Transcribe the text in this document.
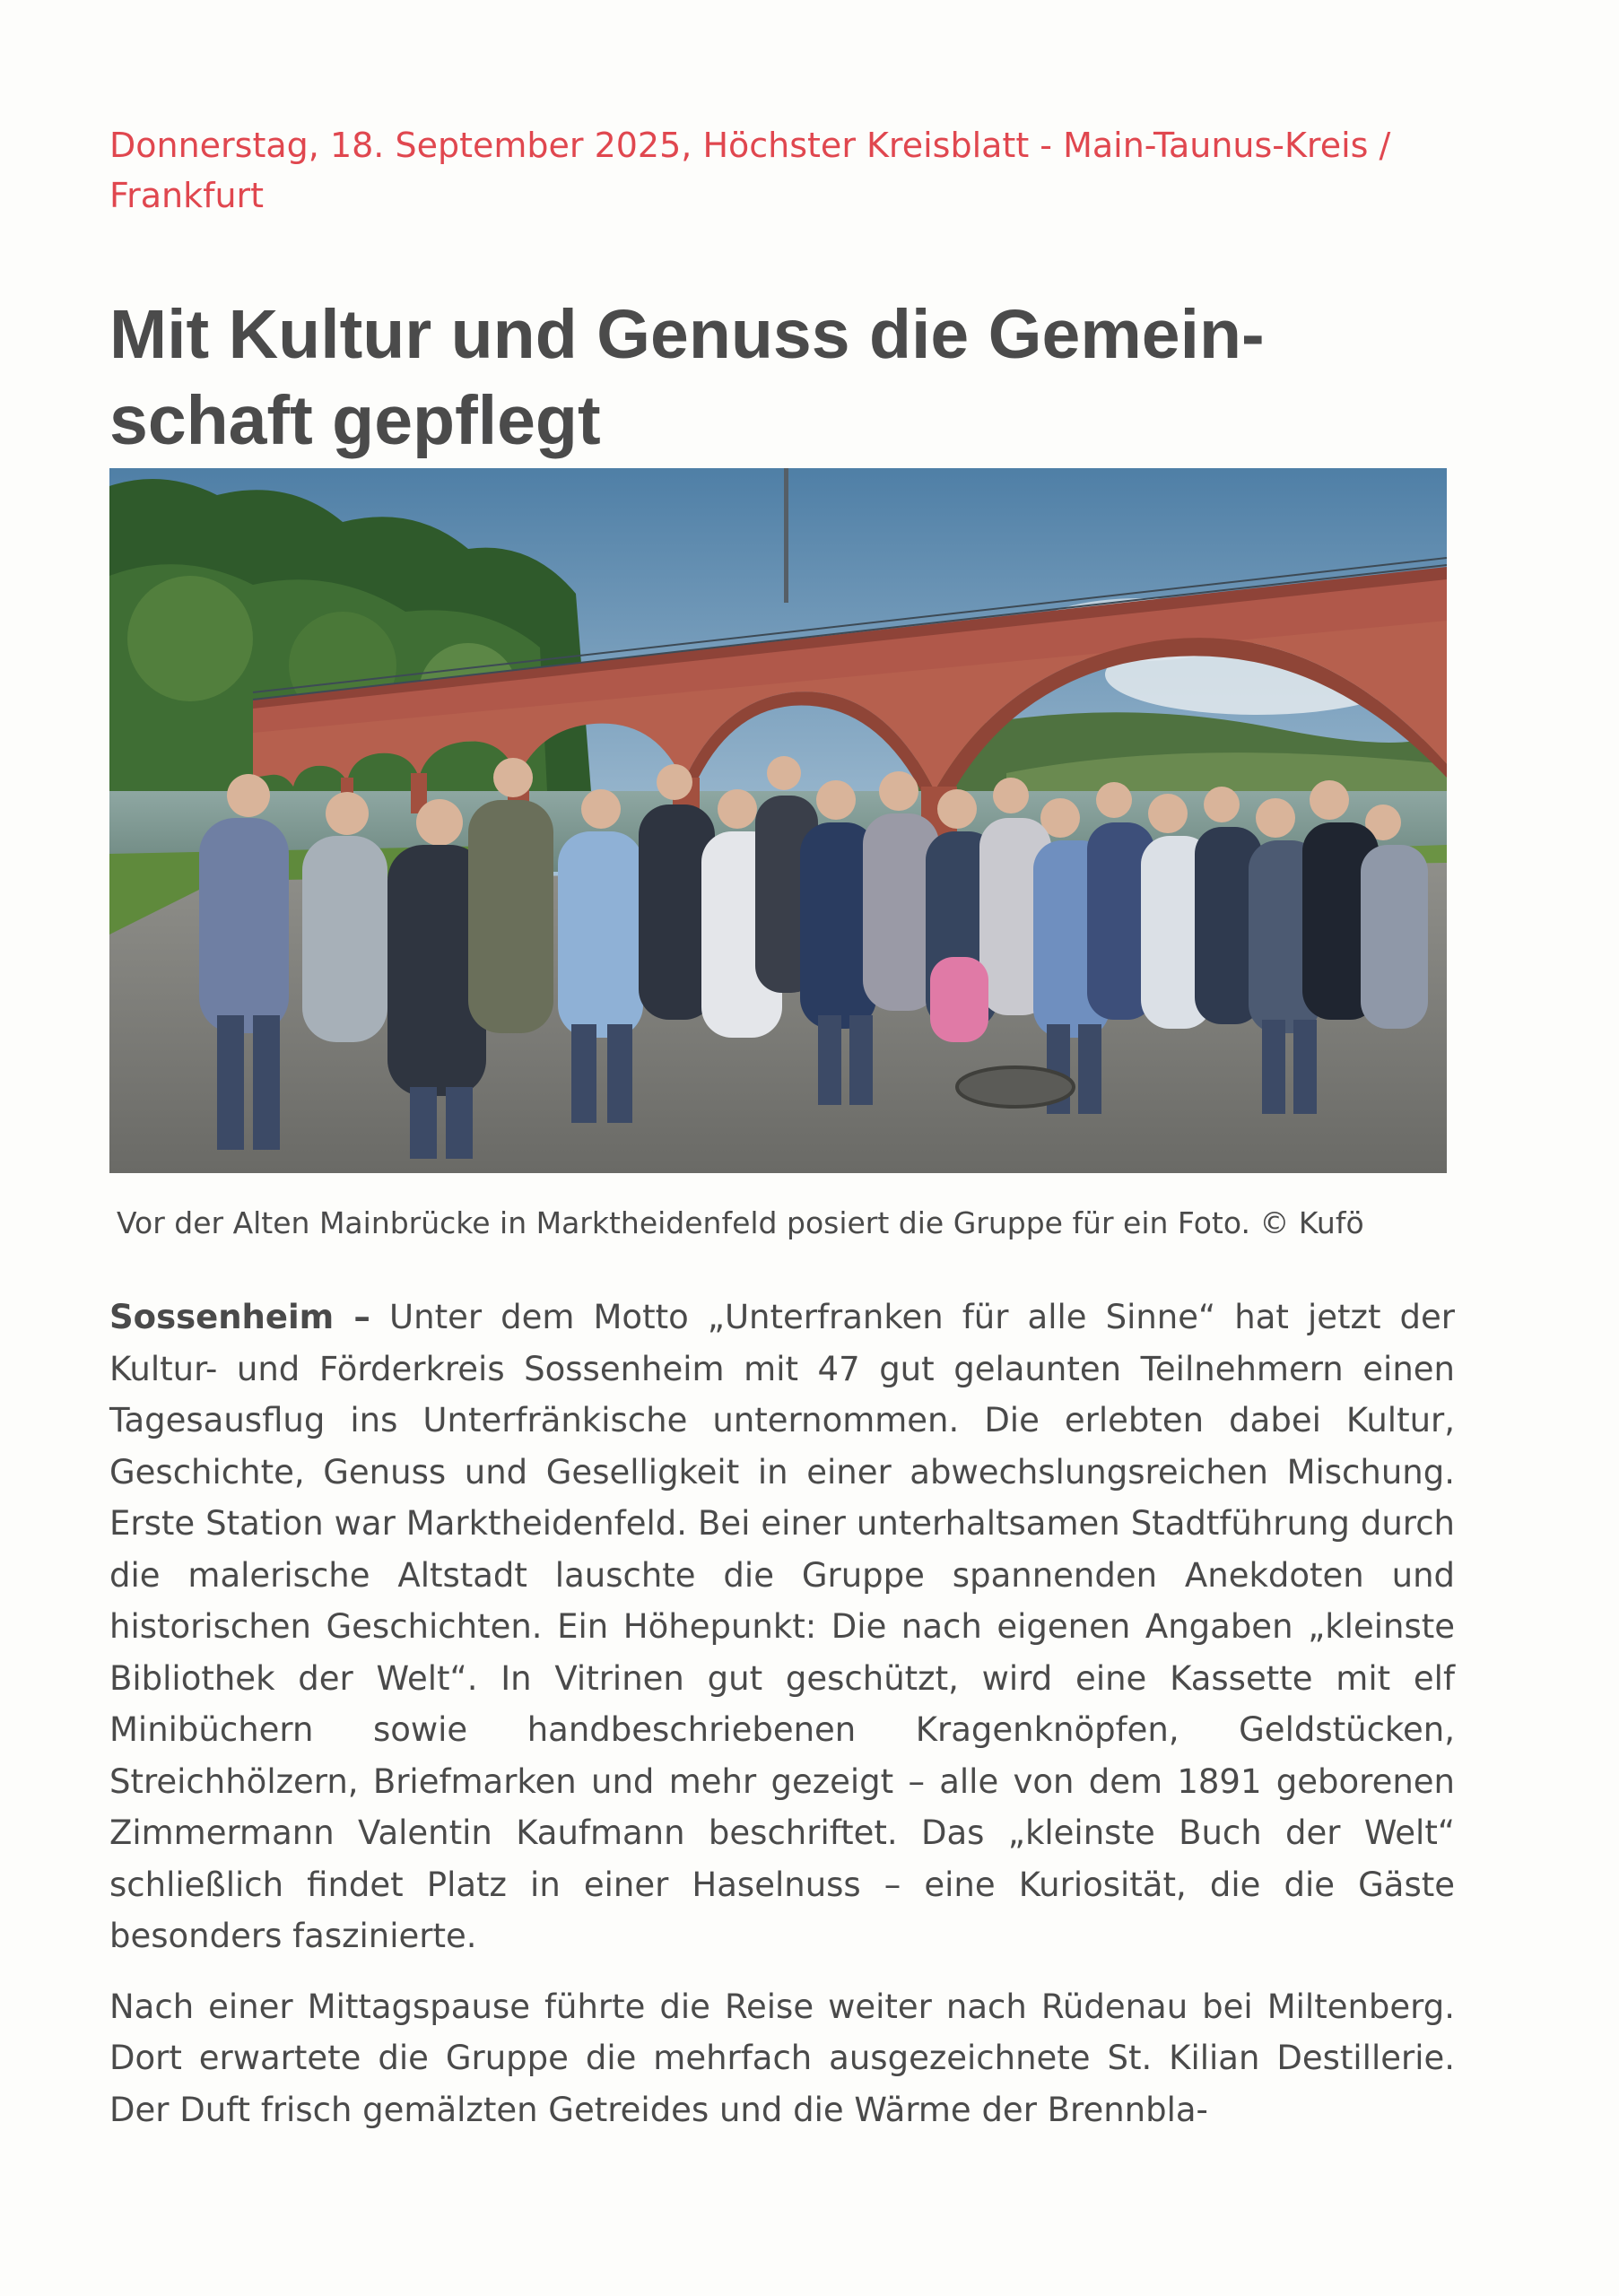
Donnerstag, 18. September 2025, Höchster Kreisblatt - Main-Taunus-Kreis /
Frankfurt
Mit Kultur und Genuss die Gemein-
schaft gepflegt

Vor der Alten Mainbrücke in Marktheidenfeld posiert die Gruppe für ein Foto. © Kufö

Sossenheim – Unter dem Motto „Unterfranken für alle Sinne“ hat jetzt der Kultur- und Förderkreis Sossenheim mit 47 gut gelaunten Teilnehmern einen Tagesausflug ins Unterfränkische unternommen. Die erlebten dabei Kultur, Geschichte, Genuss und Geselligkeit in einer abwechslungsreichen Mischung. Erste Station war Marktheidenfeld. Bei einer unterhaltsamen Stadtführung durch die malerische Altstadt lauschte die Gruppe spannenden Anekdoten und historischen Geschichten. Ein Höhepunkt: Die nach eigenen Angaben „kleinste Bibliothek der Welt“. In Vitrinen gut geschützt, wird eine Kassette mit elf Minibüchern sowie handbeschriebenen Kragenknöpfen, Geldstücken, Streichhölzern, Briefmarken und mehr gezeigt – alle von dem 1891 geborenen Zimmermann Valentin Kaufmann beschriftet. Das „kleinste Buch der Welt“ schließlich findet Platz in einer Haselnuss – eine Kuriosität, die die Gäste besonders faszinierte.

Nach einer Mittagspause führte die Reise weiter nach Rüdenau bei Miltenberg. Dort erwartete die Gruppe die mehrfach ausgezeichnete St. Kilian Destillerie. Der Duft frisch gemälzten Getreides und die Wärme der Brennbla-
